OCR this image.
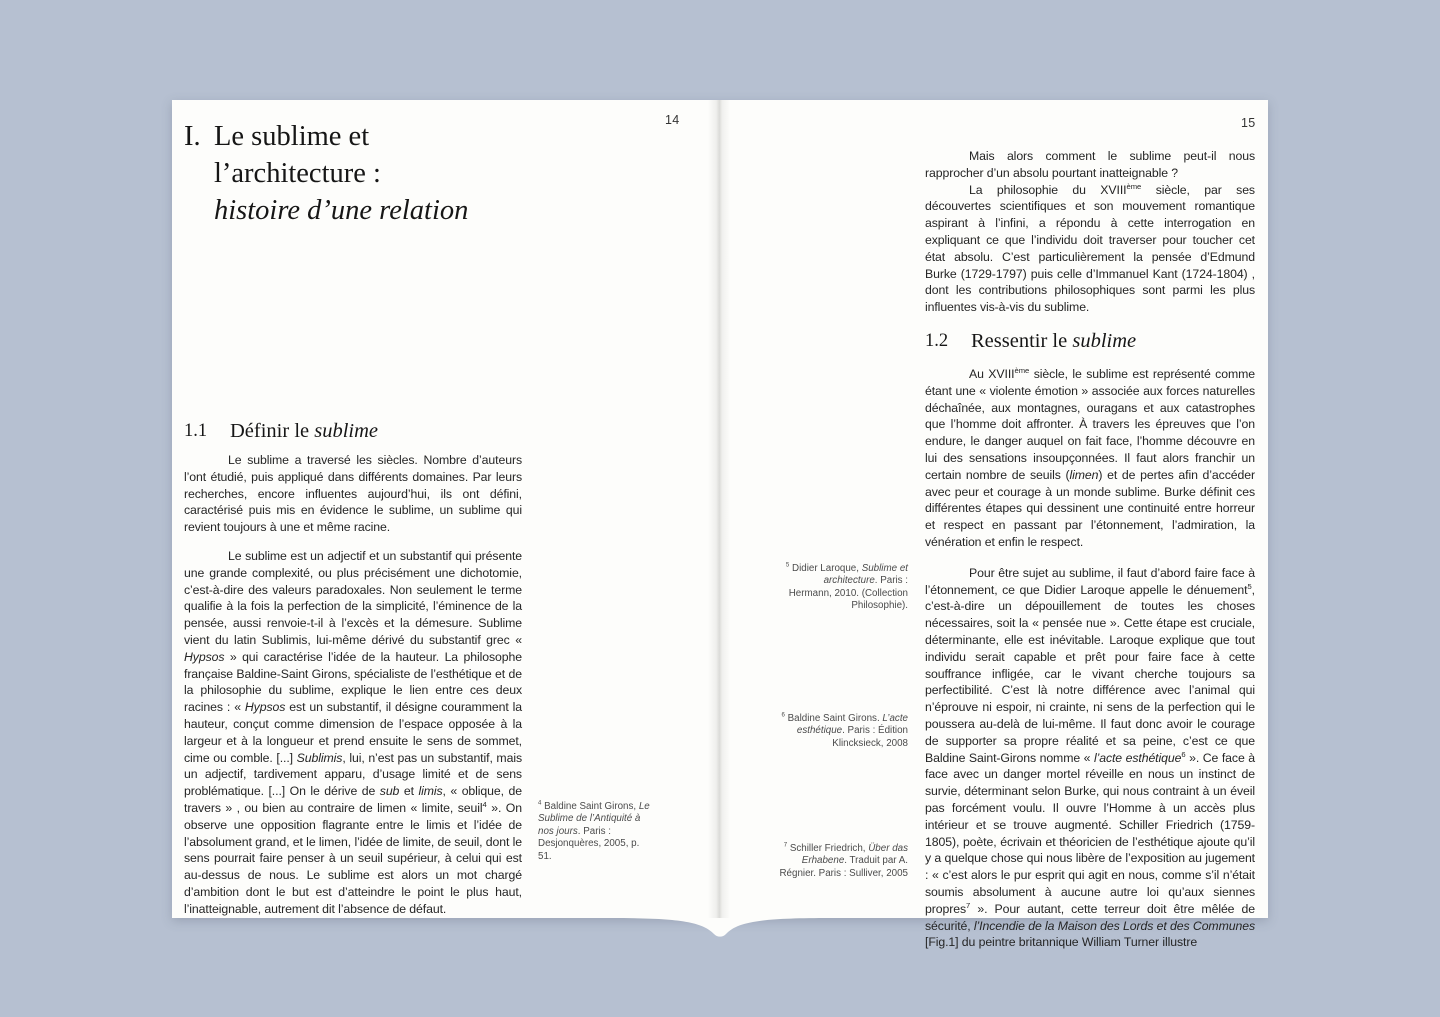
14
I. Le sublime et
l’architecture :
histoire d’une relation
1.1	Définir le sublime

Le sublime a traversé les siècles. Nombre d’auteurs l’ont étudié, puis appliqué dans différents domaines. Par leurs recherches, encore influentes aujourd’hui, ils ont défini, caractérisé puis mis en évidence le sublime, un sublime qui revient toujours à une et même racine.

Le sublime est un adjectif et un substantif qui présente une grande complexité, ou plus précisément une dichotomie, c’est-à-dire des valeurs paradoxales. Non seulement le terme qualifie à la fois la perfection de la simplicité, l’éminence de la pensée, aussi renvoie-t-il à l’excès et la démesure. Sublime vient du latin Sublimis, lui-même dérivé du substantif grec « Hypsos » qui caractérise l’idée de la hauteur. La philosophe française Baldine-Saint Girons, spécialiste de l’esthétique et de la philosophie du sublime, explique le lien entre ces deux racines : « Hypsos est un substantif, il désigne couramment la hauteur, conçut comme dimension de l’espace opposée à la largeur et à la longueur et prend ensuite le sens de sommet, cime ou comble. [...] Sublimis, lui, n’est pas un substantif, mais un adjectif, tardivement apparu, d’usage limité et de sens problématique. [...] On le dérive de sub et limis, « oblique, de travers » , ou bien au contraire de limen « limite, seuil$^4$ ». On observe une opposition flagrante entre le limis et l’idée de l’absolument grand, et le limen, l’idée de limite, de seuil, dont le sens pourrait faire penser à un seuil supérieur, à celui qui est au-dessus de nous. Le sublime est alors un mot chargé d’ambition dont le but est d’atteindre le point le plus haut, l’inatteignable, autrement dit l’absence de défaut.

$^4$ Baldine Saint Girons, Le Sublime de l’Antiquité à nos jours. Paris : Desjonquères, 2005, p. 51.
15

Mais alors comment le sublime peut-il nous rapprocher d’un absolu pourtant inatteignable ?

La philosophie du XVIIIème siècle, par ses découvertes scientifiques et son mouvement romantique aspirant à l’infini, a répondu à cette interrogation en expliquant ce que l’individu doit traverser pour toucher cet état absolu. C’est particulièrement la pensée d’Edmund Burke (1729-1797) puis celle d’Immanuel Kant (1724-1804) , dont les contributions philosophiques sont parmi les plus influentes vis-à-vis du sublime.

1.2	Ressentir le sublime

Au XVIIIème siècle, le sublime est représenté comme étant une « violente émotion » associée aux forces naturelles déchaînée, aux montagnes, ouragans et aux catastrophes que l’homme doit affronter. À travers les épreuves que l’on endure, le danger auquel on fait face, l’homme découvre en lui des sensations insoupçonnées. Il faut alors franchir un certain nombre de seuils (limen) et de pertes afin d’accéder avec peur et courage à un monde sublime. Burke définit ces différentes étapes qui dessinent une continuité entre horreur et respect en passant par l’étonnement, l’admiration, la vénération et enfin le respect.

Pour être sujet au sublime, il faut d’abord faire face à l’étonnement, ce que Didier Laroque appelle le dénuement$^5$, c’est-à-dire un dépouillement de toutes les choses nécessaires, soit la « pensée nue ». Cette étape est cruciale, déterminante, elle est inévitable. Laroque explique que tout individu serait capable et prêt pour faire face à cette souffrance infligée, car le vivant cherche toujours sa perfectibilité. C’est là notre différence avec l’animal qui n’éprouve ni espoir, ni crainte, ni sens de la perfection qui le poussera au-delà de lui-même. Il faut donc avoir le courage de supporter sa propre réalité et sa peine, c’est ce que Baldine Saint-Girons nomme « l’acte esthétique$^6$ ». Ce face à face avec un danger mortel réveille en nous un instinct de survie, déterminant selon Burke, qui nous contraint à un éveil pas forcément voulu. Il ouvre l’Homme à un accès plus intérieur et se trouve augmenté. Schiller Friedrich (1759-1805), poète, écrivain et théoricien de l’esthétique ajoute qu’il y a quelque chose qui nous libère de l’exposition au jugement : « c’est alors le pur esprit qui agit en nous, comme s’il n’était soumis absolument à aucune autre loi qu’aux siennes propres$^7$ ». Pour autant, cette terreur doit être mêlée de sécurité, l’Incendie de la Maison des Lords et des Communes [Fig.1] du peintre britannique William Turner illustre

$^5$ Didier Laroque, Sublime et architecture. Paris : Hermann, 2010. (Collection Philosophie).
$^6$ Baldine Saint Girons. L’acte esthétique. Paris : Édition Klincksieck, 2008
$^7$ Schiller Friedrich, Über das Erhabene. Traduit par A. Régnier. Paris : Sulliver, 2005
